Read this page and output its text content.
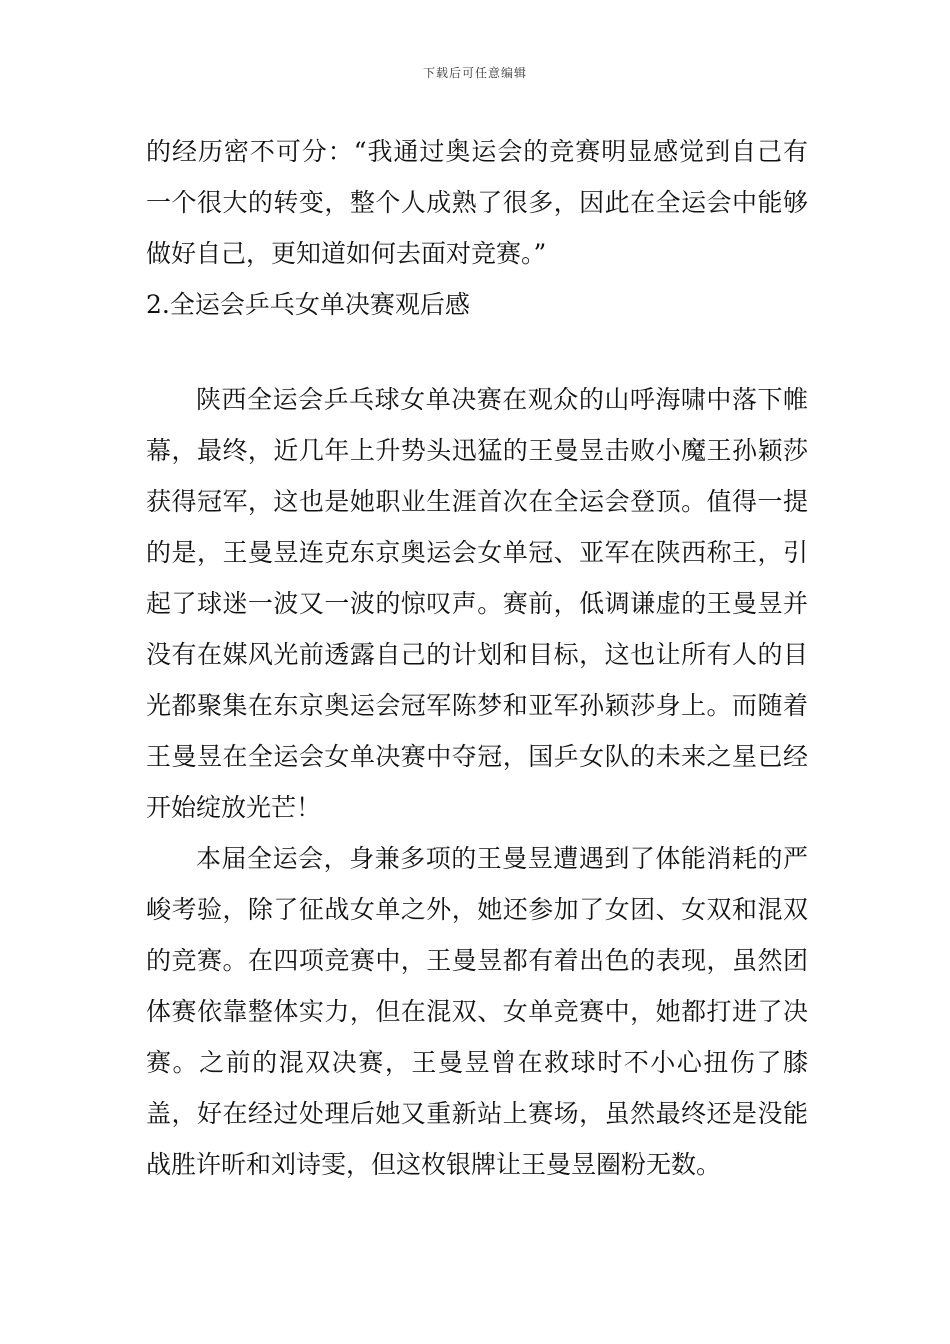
下载后可任意编辑

的经历密不可分：“我通过奥运会的竞赛明显感觉到自己有一个很大的转变，整个人成熟了很多，因此在全运会中能够做好自己，更知道如何去面对竞赛。”

2.全运会乒乓女单决赛观后感

陕西全运会乒乓球女单决赛在观众的山呼海啸中落下帷幕，最终，近几年上升势头迅猛的王曼昱击败小魔王孙颖莎获得冠军，这也是她职业生涯首次在全运会登顶。值得一提的是，王曼昱连克东京奥运会女单冠、亚军在陕西称王，引起了球迷一波又一波的惊叹声。赛前，低调谦虚的王曼昱并没有在媒风光前透露自己的计划和目标，这也让所有人的目光都聚集在东京奥运会冠军陈梦和亚军孙颖莎身上。而随着王曼昱在全运会女单决赛中夺冠，国乒女队的未来之星已经开始绽放光芒！

本届全运会，身兼多项的王曼昱遭遇到了体能消耗的严峻考验，除了征战女单之外，她还参加了女团、女双和混双的竞赛。在四项竞赛中，王曼昱都有着出色的表现，虽然团体赛依靠整体实力，但在混双、女单竞赛中，她都打进了决赛。之前的混双决赛，王曼昱曾在救球时不小心扭伤了膝盖，好在经过处理后她又重新站上赛场，虽然最终还是没能战胜许昕和刘诗雯，但这枚银牌让王曼昱圈粉无数。
